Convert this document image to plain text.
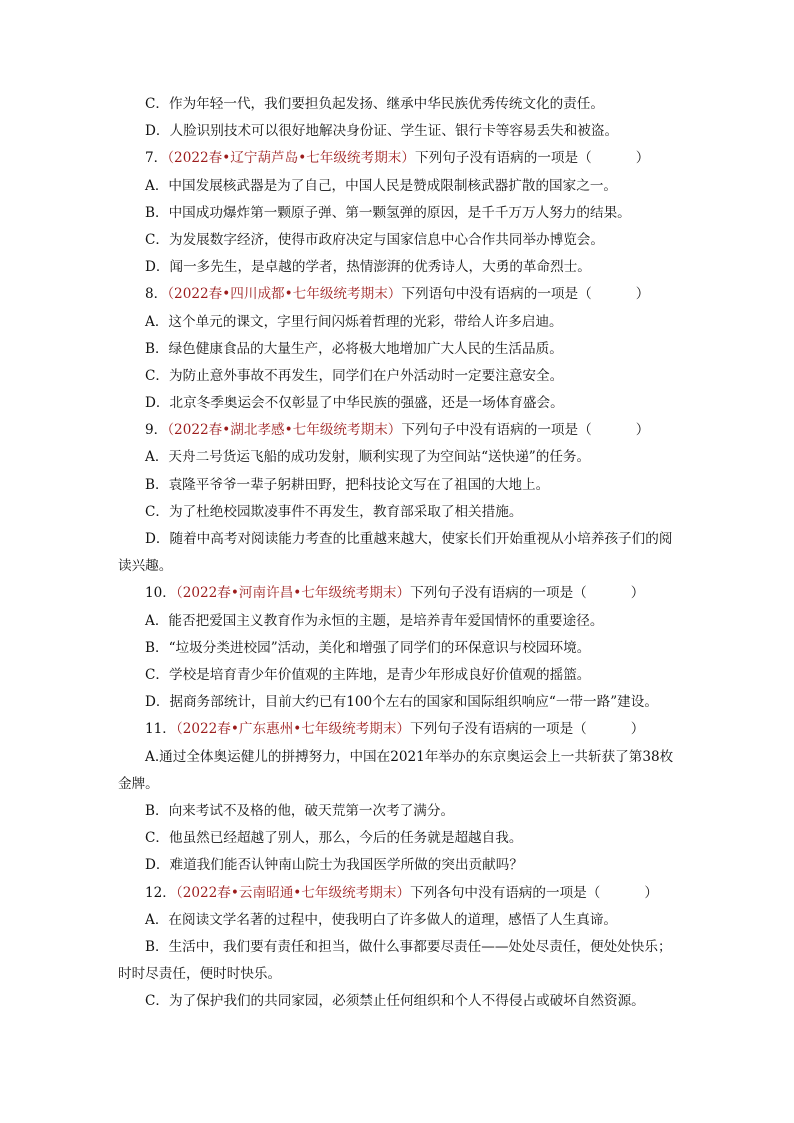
C．作为年轻一代，我们要担负起发扬、继承中华民族优秀传统文化的责任。
D．人脸识别技术可以很好地解决身份证、学生证、银行卡等容易丢失和被盗。
7．（2022春•辽宁葫芦岛•七年级统考期末）下列句子没有语病的一项是（	）
A．中国发展核武器是为了自己，中国人民是赞成限制核武器扩散的国家之一。
B．中国成功爆炸第一颗原子弹、第一颗氢弹的原因，是千千万万人努力的结果。
C．为发展数字经济，使得市政府决定与国家信息中心合作共同举办博览会。
D．闻一多先生，是卓越的学者，热情澎湃的优秀诗人，大勇的革命烈士。
8．（2022春•四川成都•七年级统考期末）下列语句中没有语病的一项是（	）
A．这个单元的课文，字里行间闪烁着哲理的光彩，带给人许多启迪。
B．绿色健康食品的大量生产，必将极大地增加广大人民的生活品质。
C．为防止意外事故不再发生，同学们在户外活动时一定要注意安全。
D．北京冬季奥运会不仅彰显了中华民族的强盛，还是一场体育盛会。
9．（2022春•湖北孝感•七年级统考期末）下列句子中没有语病的一项是（	）
A．天舟二号货运飞船的成功发射，顺利实现了为空间站“送快递”的任务。
B．袁隆平爷爷一辈子躬耕田野，把科技论文写在了祖国的大地上。
C．为了杜绝校园欺凌事件不再发生，教育部采取了相关措施。
D．随着中高考对阅读能力考查的比重越来越大，使家长们开始重视从小培养孩子们的阅读兴趣。
10．（2022春•河南许昌•七年级统考期末）下列句子没有语病的一项是（	）
A．能否把爱国主义教育作为永恒的主题，是培养青年爱国情怀的重要途径。
B．“垃圾分类进校园”活动，美化和增强了同学们的环保意识与校园环境。
C．学校是培育青少年价值观的主阵地，是青少年形成良好价值观的摇篮。
D．据商务部统计，目前大约已有100个左右的国家和国际组织响应“一带一路”建设。
11．（2022春•广东惠州•七年级统考期末）下列句子没有语病的一项是（	）
A.通过全体奥运健儿的拼搏努力，中国在2021年举办的东京奥运会上一共斩获了第38枚金牌。
B．向来考试不及格的他，破天荒第一次考了满分。
C．他虽然已经超越了别人，那么，今后的任务就是超越自我。
D．难道我们能否认钟南山院士为我国医学所做的突出贡献吗？
12．（2022春•云南昭通•七年级统考期末）下列各句中没有语病的一项是（	）
A．在阅读文学名著的过程中，使我明白了许多做人的道理，感悟了人生真谛。
B．生活中，我们要有责任和担当，做什么事都要尽责任——处处尽责任，便处处快乐；时时尽责任，便时时快乐。
C．为了保护我们的共同家园，必须禁止任何组织和个人不得侵占或破坏自然资源。
